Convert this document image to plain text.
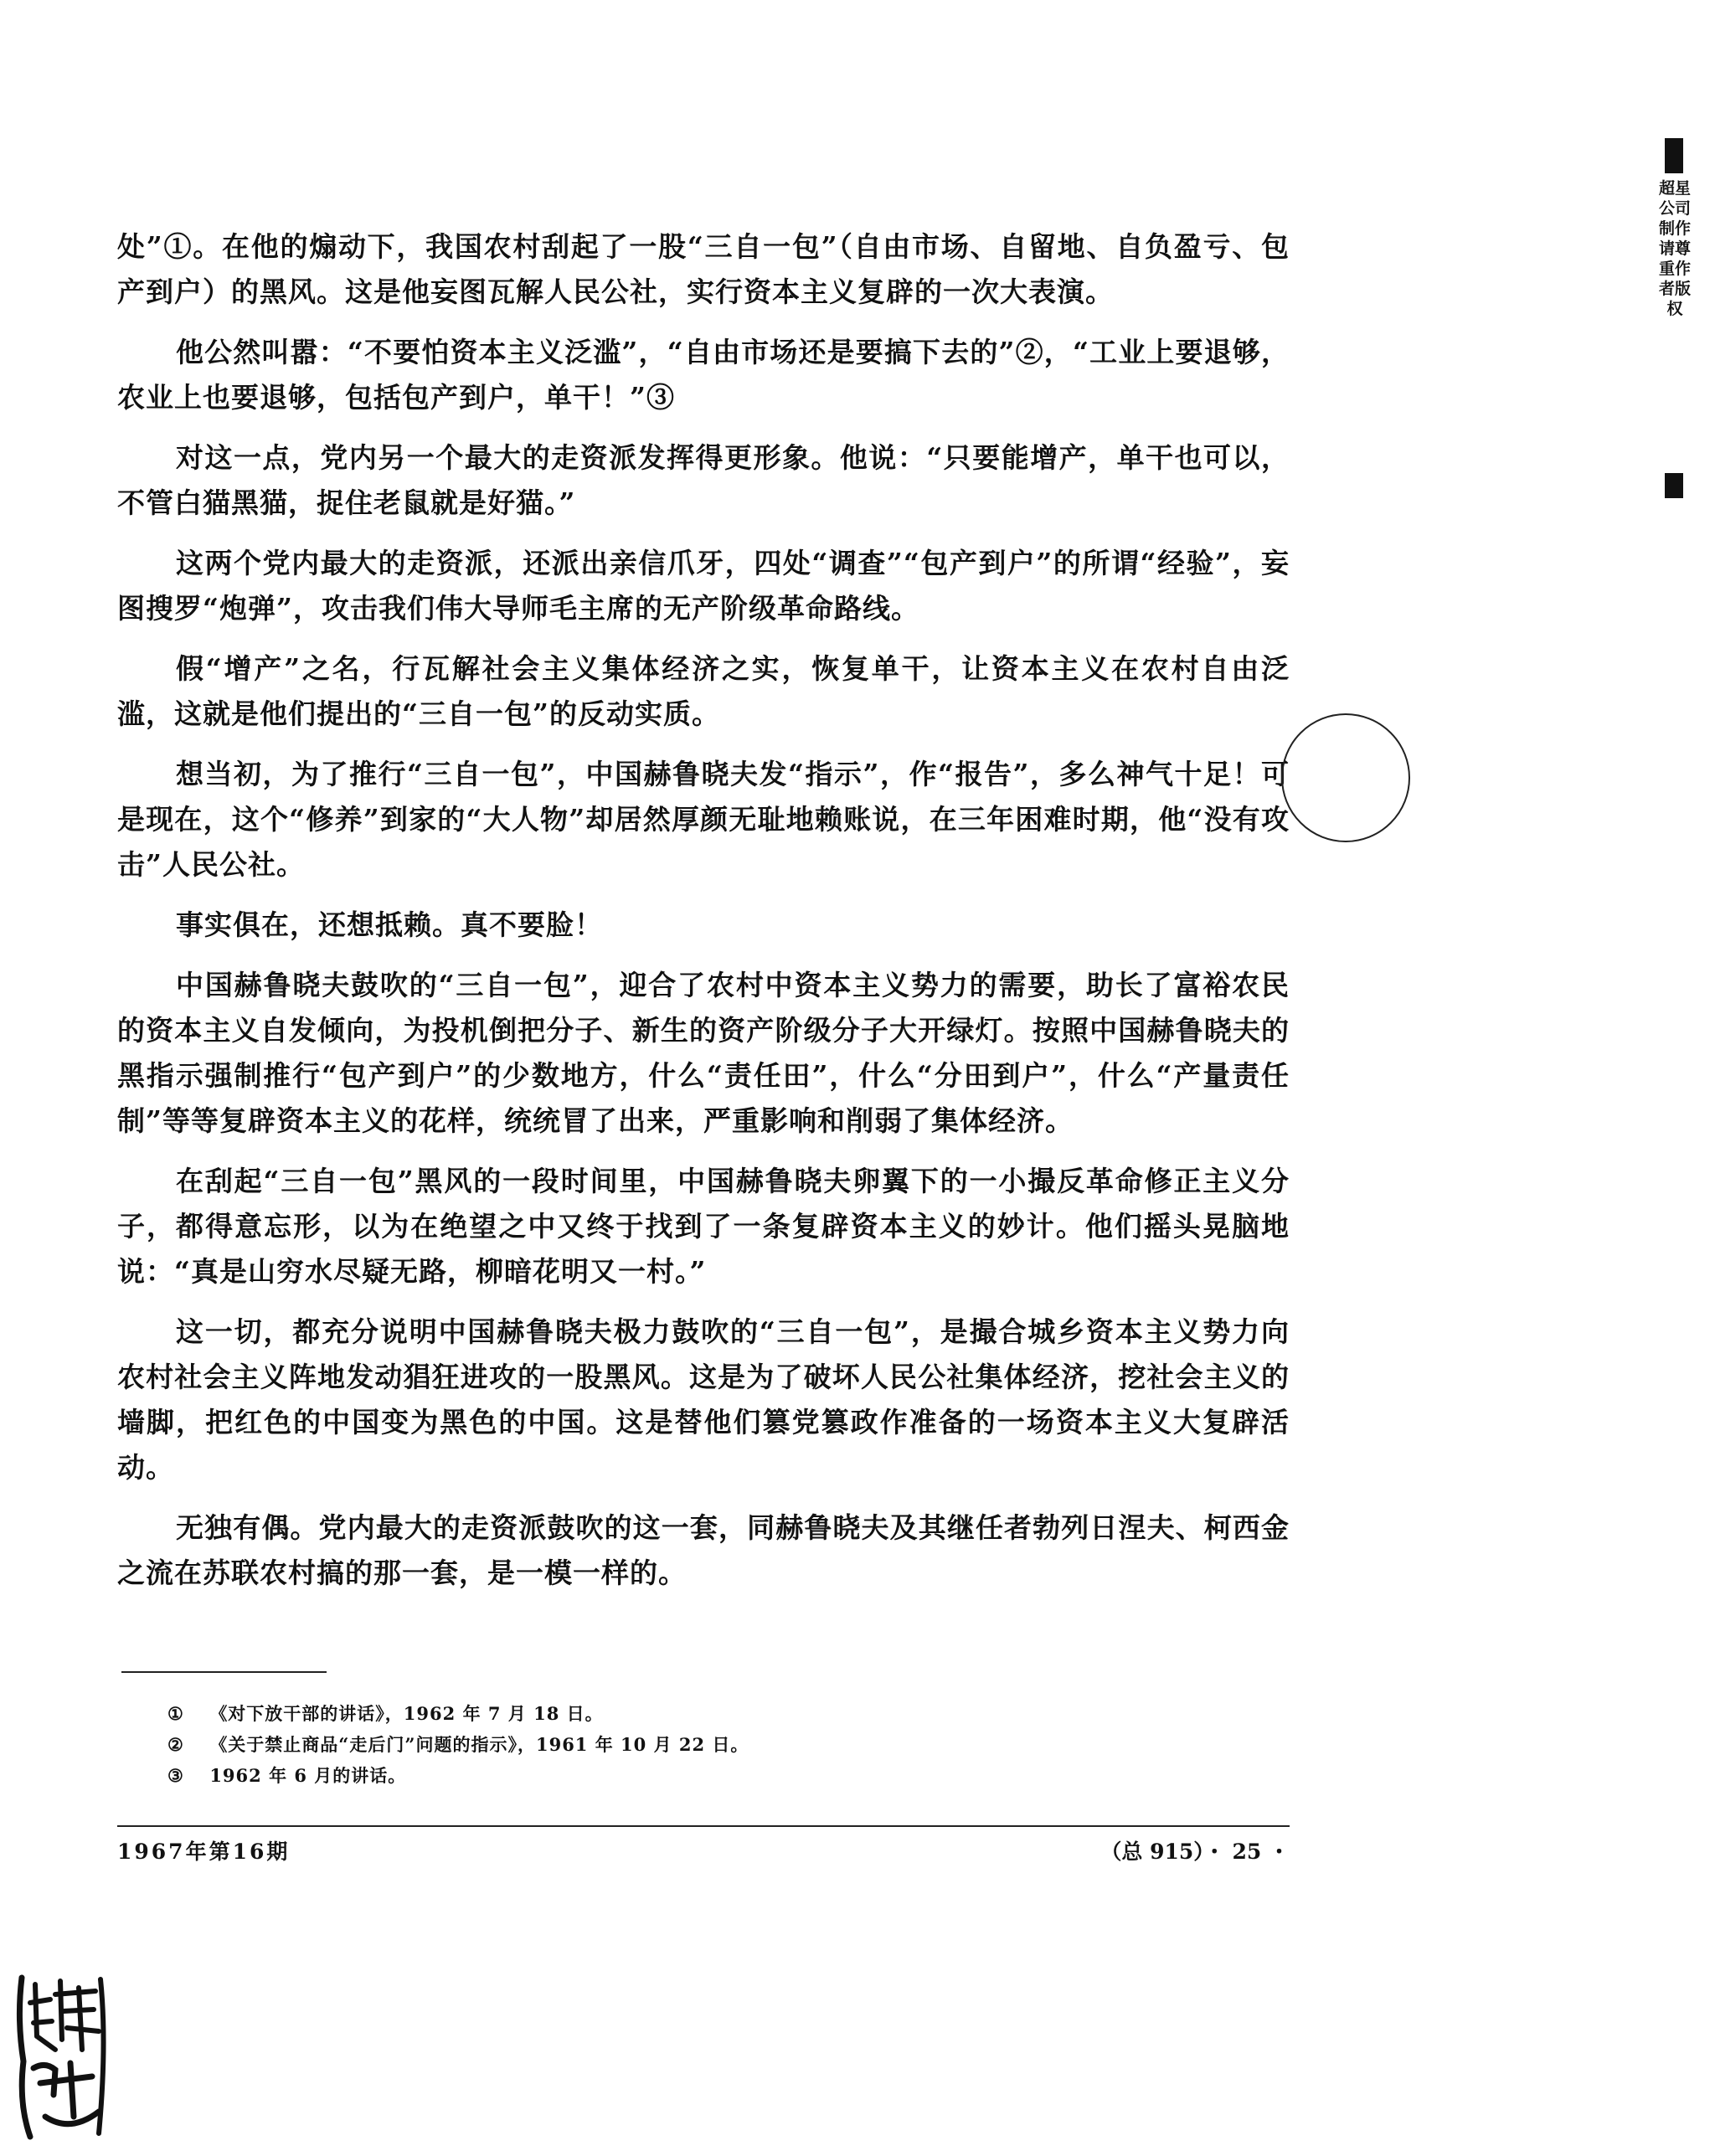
处”①。在他的煽动下，我国农村刮起了一股“三自一包”（自由市场、自留地、自负盈亏、包产到户）的黑风。这是他妄图瓦解人民公社，实行资本主义复辟的一次大表演。

他公然叫嚣：“不要怕资本主义泛滥”，“自由市场还是要搞下去的”②，“工业上要退够，农业上也要退够，包括包产到户，单干！”③

对这一点，党内另一个最大的走资派发挥得更形象。他说：“只要能增产，单干也可以，不管白猫黑猫，捉住老鼠就是好猫。”

这两个党内最大的走资派，还派出亲信爪牙，四处“调查”“包产到户”的所谓“经验”，妄图搜罗“炮弹”，攻击我们伟大导师毛主席的无产阶级革命路线。

假“增产”之名，行瓦解社会主义集体经济之实，恢复单干，让资本主义在农村自由泛滥，这就是他们提出的“三自一包”的反动实质。

想当初，为了推行“三自一包”，中国赫鲁晓夫发“指示”，作“报告”，多么神气十足！可是现在，这个“修养”到家的“大人物”却居然厚颜无耻地赖账说，在三年困难时期，他“没有攻击”人民公社。

事实俱在，还想抵赖。真不要脸！

中国赫鲁晓夫鼓吹的“三自一包”，迎合了农村中资本主义势力的需要，助长了富裕农民的资本主义自发倾向，为投机倒把分子、新生的资产阶级分子大开绿灯。按照中国赫鲁晓夫的黑指示强制推行“包产到户”的少数地方，什么“责任田”，什么“分田到户”，什么“产量责任制”等等复辟资本主义的花样，统统冒了出来，严重影响和削弱了集体经济。

在刮起“三自一包”黑风的一段时间里，中国赫鲁晓夫卵翼下的一小撮反革命修正主义分子，都得意忘形，以为在绝望之中又终于找到了一条复辟资本主义的妙计。他们摇头晃脑地说：“真是山穷水尽疑无路，柳暗花明又一村。”

这一切，都充分说明中国赫鲁晓夫极力鼓吹的“三自一包”，是撮合城乡资本主义势力向农村社会主义阵地发动猖狂进攻的一股黑风。这是为了破坏人民公社集体经济，挖社会主义的墙脚，把红色的中国变为黑色的中国。这是替他们篡党篡政作准备的一场资本主义大复辟活动。

无独有偶。党内最大的走资派鼓吹的这一套，同赫鲁晓夫及其继任者勃列日涅夫、柯西金之流在苏联农村搞的那一套，是一模一样的。

① 《对下放干部的讲话》，1962 年 7 月 18 日。

② 《关于禁止商品“走后门”问题的指示》，1961 年 10 月 22 日。

③ 1962 年 6 月的讲话。

1967年第16期	（总 915）・ 25 ・
超星公司制作请尊重作者版权
